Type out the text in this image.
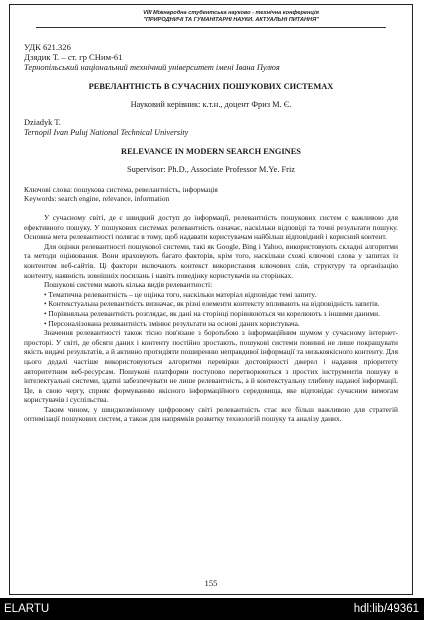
VIII Міжнародна студентська науково - технічна конференція
"ПРИРОДНИЧІ ТА ГУМАНІТАРНІ НАУКИ. АКТУАЛЬНІ ПИТАННЯ"
УДК 621.326
Дзядик Т. – ст. гр СНим-61
Тернопільський національний технічний університет імені Івана Пулюя
РЕВЕЛАНТНІСТЬ В СУЧАСНИХ ПОШУКОВИХ СИСТЕМАХ
Науковий керівник: к.т.н., доцент Фриз М. Є.
Dziadyk T.
Ternopil Ivan Puluj National Technical University
RELEVANCE IN MODERN SEARCH ENGINES
Supervisor: Ph.D., Associate Professor M.Ye. Friz
Ключові слова: пошукова система, ревелантність, інформація
Keywords: search engine, relevance, information

У сучасному світі, де є швидкий доступ до інформації, релевантність пошукових систем є важливою для ефективного пошуку. У пошукових системах релевантність означає, наскільки відповіді та точні результати пошуку. Основна мета релевантності полягає в тому, щоб надавати користувачам найбільш відповідний і корисний контент.

Для оцінки релевантності пошукової системи, такі як Google, Bing і Yahoo, використовують складні алгоритми та методи оцінювання. Вони враховують багато факторів, крім того, наскільки схожі ключові слова у запитах із контентом веб-сайтів. Ці фактори включають контекст використання ключових слів, структуру та організацію контенту, наявність зовнішніх посилань і навіть поведінку користувачів на сторінках.

Пошукові системи мають кілька видів релевантності:

• Тематична релевантність – це оцінка того, наскільки матеріал відповідає темі запиту.

• Контекстуальна релевантність визначає, як різні елементи контексту впливають на відповідність запитів.

• Порівняльна релевантність розглядає, як дані на сторінці порівнюються чи корелюють з іншими даними.

• Персоналізована релевантність змінює результати на основі даних користувача.

Значення релевантності також тісно пов'язане з боротьбою з інформаційним шумом у сучасному інтернет-просторі. У світі, де обсяги даних і контенту постійно зростають, пошукові системи повинні не лише покращувати якість видачі результатів, а й активно протидіяти поширенню неправдивої інформації та низькоякісного контенту. Для цього дедалі частіше використовуються алгоритми перевірки достовірності джерел і надання пріоритету авторитетним веб-ресурсам. Пошукові платформи поступово перетворюються з простих інструментів пошуку в інтелектуальні системи, здатні забезпечувати не лише релевантність, а й контекстуальну глибину наданої інформації. Це, в свою чергу, сприяє формуванню якісного інформаційного середовища, яке відповідає сучасним вимогам користувачів і суспільства.

Таким чином, у швидкозмінному цифровому світі релевантність стає все більш важливою для стратегій оптимізації пошукових систем, а також для напрямків розвитку технологій пошуку та аналізу даних.

155
ELARTU	hdl:lib/49361
